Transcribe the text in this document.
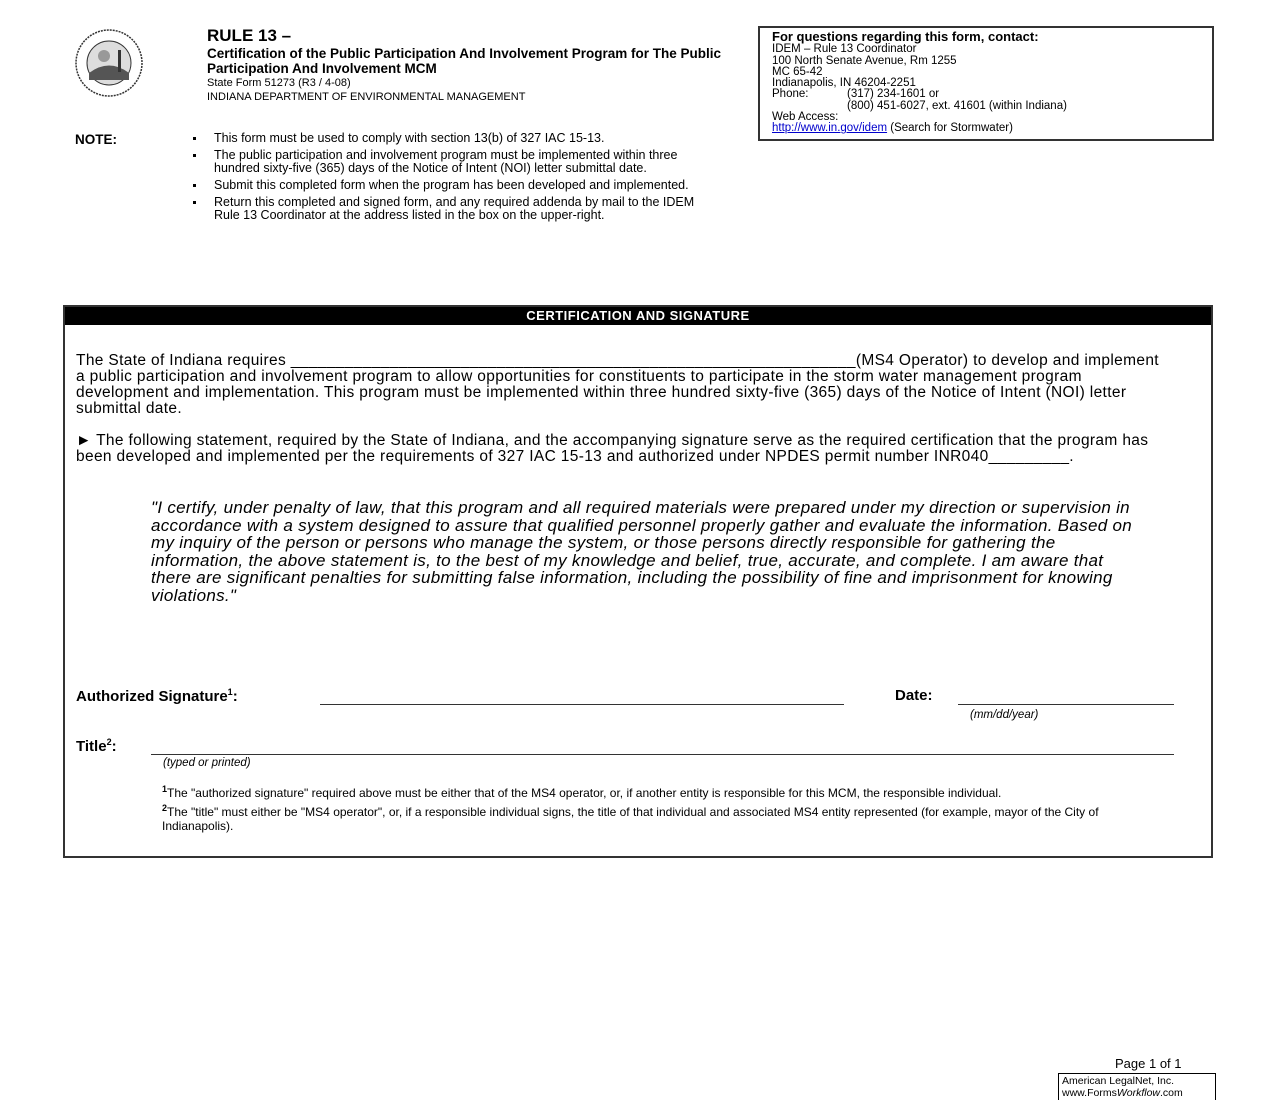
RULE 13 –
Certification of the Public Participation And Involvement Program for The Public Participation And Involvement MCM
State Form 51273 (R3 / 4-08)
INDIANA DEPARTMENT OF ENVIRONMENTAL MANAGEMENT
NOTE:	This form must be used to comply with section 13(b) of 327 IAC 15-13.
The public participation and involvement program must be implemented within three hundred sixty-five (365) days of the Notice of Intent (NOI) letter submittal date.
Submit this completed form when the program has been developed and implemented.
Return this completed and signed form, and any required addenda by mail to the IDEM Rule 13 Coordinator at the address listed in the box on the upper-right.
For questions regarding this form, contact:
IDEM – Rule 13 Coordinator
100 North Senate Avenue, Rm 1255
MC 65-42
Indianapolis, IN 46204-2251
Phone:	(317) 234-1601 or
(800) 451-6027, ext. 41601 (within Indiana)
Web Access:
http://www.in.gov/idem (Search for Stormwater)
CERTIFICATION AND SIGNATURE
The State of Indiana requires _______________________________________________________________(MS4 Operator) to develop and implement a public participation and involvement program to allow opportunities for constituents to participate in the storm water management program development and implementation. This program must be implemented within three hundred sixty-five (365) days of the Notice of Intent (NOI) letter submittal date.
► The following statement, required by the State of Indiana, and the accompanying signature serve as the required certification that the program has been developed and implemented per the requirements of 327 IAC 15-13 and authorized under NPDES permit number INR040_________.
"I certify, under penalty of law, that this program and all required materials were prepared under my direction or supervision in accordance with a system designed to assure that qualified personnel properly gather and evaluate the information. Based on my inquiry of the person or persons who manage the system, or those persons directly responsible for gathering the information, the above statement is, to the best of my knowledge and belief, true, accurate, and complete. I am aware that there are significant penalties for submitting false information, including the possibility of fine and imprisonment for knowing violations."
Authorized Signature$^1$:	Date:
(mm/dd/year)
Title$^2$:
(typed or printed)
$^1$The "authorized signature" required above must be either that of the MS4 operator, or, if another entity is responsible for this MCM, the responsible individual.
$^2$The "title" must either be "MS4 operator", or, if a responsible individual signs, the title of that individual and associated MS4 entity represented (for example, mayor of the City of Indianapolis).
Page 1 of 1
American LegalNet, Inc.
www.FormsWorkflow.com
